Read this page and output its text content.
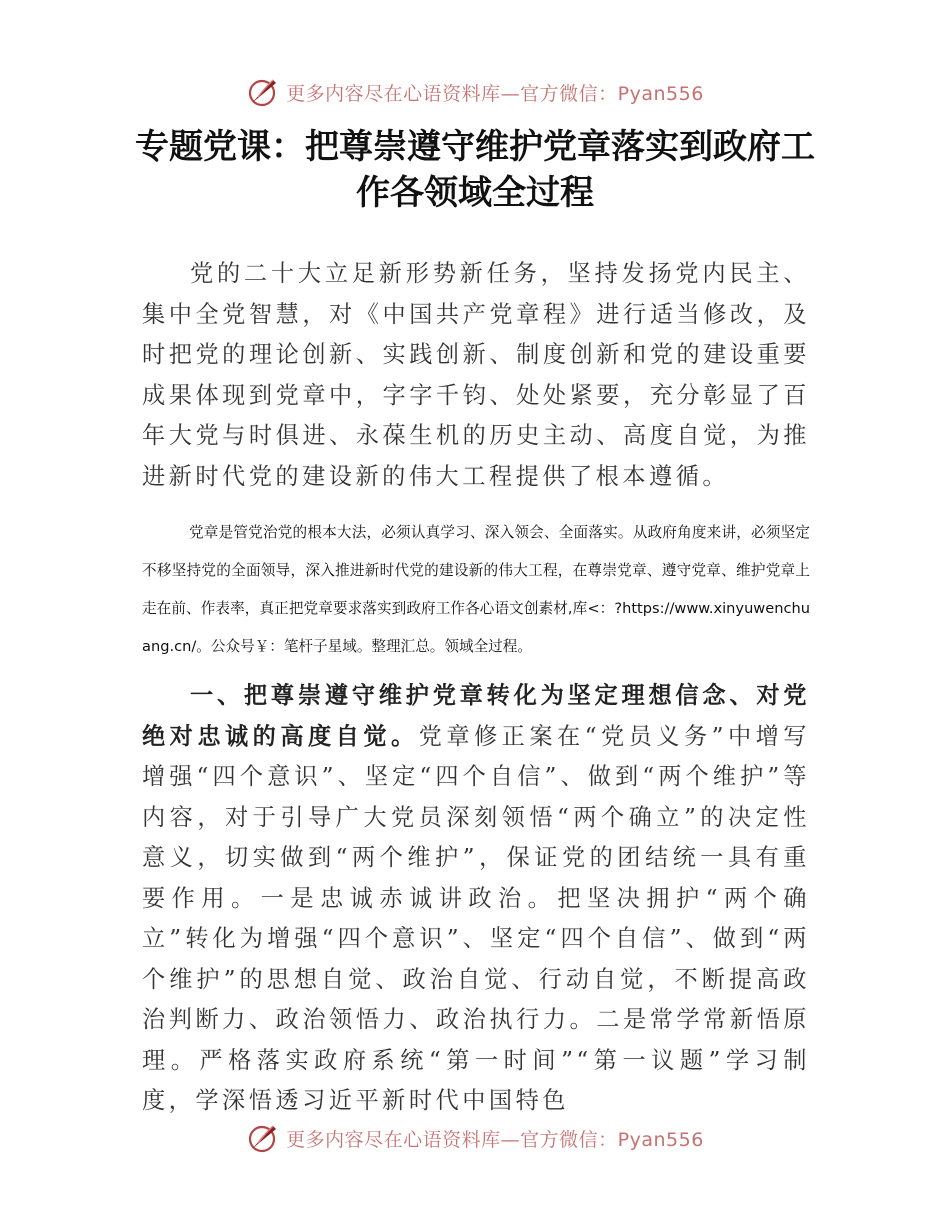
更多内容尽在心语资料库—官方微信：Pyan556
专题党课：把尊崇遵守维护党章落实到政府工作各领域全过程

党的二十大立足新形势新任务，坚持发扬党内民主、集中全党智慧，对《中国共产党章程》进行适当修改，及时把党的理论创新、实践创新、制度创新和党的建设重要成果体现到党章中，字字千钧、处处紧要，充分彰显了百年大党与时俱进、永葆生机的历史主动、高度自觉，为推进新时代党的建设新的伟大工程提供了根本遵循。

党章是管党治党的根本大法，必须认真学习、深入领会、全面落实。从政府角度来讲，必须坚定不移坚持党的全面领导，深入推进新时代党的建设新的伟大工程，在尊崇党章、遵守党章、维护党章上走在前、作表率，真正把党章要求落实到政府工作各心语文创素材,库<：?https://www.xinyuwenchuang.cn/。公众号￥：笔杆子星域。整理汇总。领域全过程。

一、把尊崇遵守维护党章转化为坚定理想信念、对党绝对忠诚的高度自觉。党章修正案在“党员义务”中增写增强“四个意识”、坚定“四个自信”、做到“两个维护”等内容，对于引导广大党员深刻领悟“两个确立”的决定性意义，切实做到“两个维护”，保证党的团结统一具有重要作用。一是忠诚赤诚讲政治。把坚决拥护“两个确立”转化为增强“四个意识”、坚定“四个自信”、做到“两个维护”的思想自觉、政治自觉、行动自觉，不断提高政治判断力、政治领悟力、政治执行力。二是常学常新悟原理。严格落实政府系统“第一时间”“第一议题”学习制度，学深悟透习近平新时代中国特色

更多内容尽在心语资料库—官方微信：Pyan556
